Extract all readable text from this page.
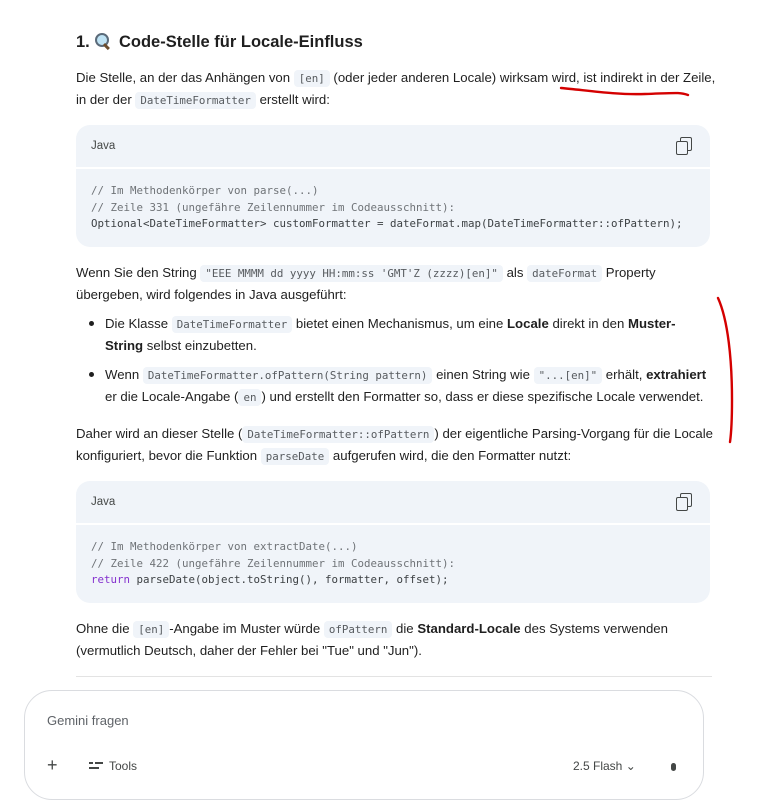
1. Code-Stelle für Locale-Einfluss

Die Stelle, an der das Anhängen von [en] (oder jeder anderen Locale) wirksam wird, ist indirekt in der Zeile, in der der DateTimeFormatter erstellt wird:

Java
// Im Methodenkörper von parse(...)
// Zeile 331 (ungefähre Zeilennummer im Codeausschnitt):
Optional<DateTimeFormatter> customFormatter = dateFormat.map(DateTimeFormatter::ofPattern);

Wenn Sie den String "EEE MMMM dd yyyy HH:mm:ss 'GMT'Z (zzzz)[en]" als dateFormat Property übergeben, wird folgendes in Java ausgeführt:

Die Klasse DateTimeFormatter bietet einen Mechanismus, um eine Locale direkt in den Muster-String selbst einzubetten.
Wenn DateTimeFormatter.ofPattern(String pattern) einen String wie "...[en]" erhält, extrahiert er die Locale-Angabe ( en ) und erstellt den Formatter so, dass er diese spezifische Locale verwendet.

Daher wird an dieser Stelle ( DateTimeFormatter::ofPattern ) der eigentliche Parsing-Vorgang für die Locale konfiguriert, bevor die Funktion parseDate aufgerufen wird, die den Formatter nutzt:

Java
// Im Methodenkörper von extractDate(...)
// Zeile 422 (ungefähre Zeilennummer im Codeausschnitt):
return parseDate(object.toString(), formatter, offset);

Ohne die [en] -Angabe im Muster würde ofPattern die Standard-Locale des Systems verwenden (vermutlich Deutsch, daher der Fehler bei "Tue" und "Jun").

Gemini fragen
+	Tools	2.5 Flash ⌄
